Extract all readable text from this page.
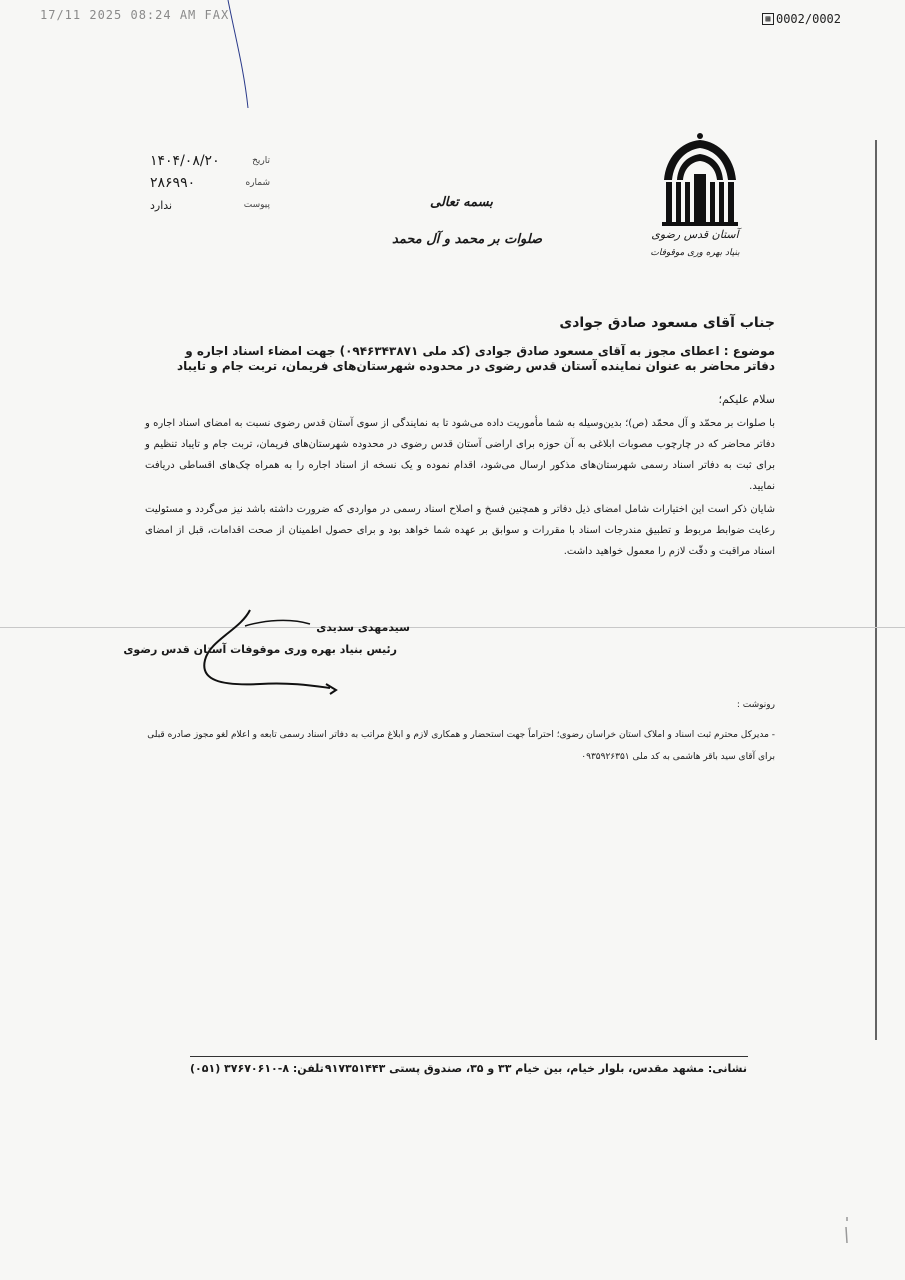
17/11 2025 08:24 AM FAX	▦ 0002/0002
تاریخ
۱۴۰۴/۰۸/۲۰
شماره
۲۸۶۹۹۰
پیوست
ندارد
آستان قدس رضوی
بنیاد بهره وری موقوفات
بسمه تعالی
صلوات بر محمد و آل محمد
جناب آقای مسعود صادق جوادی
موضوع : اعطای مجوز به آقای مسعود صادق جوادی (کد ملی ۰۹۴۶۳۴۳۸۷۱) جهت امضاء اسناد اجاره و دفاتر محاضر به عنوان نماینده آستان قدس رضوی در محدوده شهرستان‌های فریمان، تربت جام و تایباد
سلام علیکم؛

با صلوات بر محمّد و آل محمّد (ص)؛ بدین‌وسیله به شما مأموریت داده می‌شود تا به نمایندگی از سوی آستان قدس رضوی نسبت به امضای اسناد اجاره و دفاتر محاضر که در چارچوب مصوبات ابلاغی به آن حوزه برای اراضی آستان قدس رضوی در محدوده شهرستان‌های فریمان، تربت جام و تایباد تنظیم و برای ثبت به دفاتر اسناد رسمی شهرستان‌های مذکور ارسال می‌شود، اقدام نموده و یک نسخه از اسناد اجاره را به همراه چک‌های اقساطی دریافت نمایید.

شایان ذکر است این اختیارات شامل امضای ذیل دفاتر و همچنین فسخ و اصلاح اسناد رسمی در مواردی که ضرورت داشته باشد نیز می‌گردد و مسئولیت رعایت ضوابط مربوط و تطبیق مندرجات اسناد با مقررات و سوابق بر عهده شما خواهد بود و برای حصول اطمینان از صحت اقدامات، قبل از امضای اسناد مراقبت و دقّت لازم را معمول خواهید داشت.

سیدمهدی سدیدی
رئیس بنیاد بهره وری موقوفات آستان قدس رضوی
رونوشت :
- مدیرکل محترم ثبت اسناد و املاک استان خراسان رضوی؛ احتراماً جهت استحضار و همکاری لازم و ابلاغ مراتب به دفاتر اسناد رسمی تابعه و اعلام لغو مجوز صادره قبلی برای آقای سید باقر هاشمی به کد ملی ۰۹۳۵۹۲۶۳۵۱
نشانی: مشهد مقدس، بلوار خیام، بین خیام ۳۳ و ۳۵، صندوق پستی ۹۱۷۳۵۱۴۴۳
تلفن: ۸-۳۷۶۷۰۶۱۰ (۰۵۱)
